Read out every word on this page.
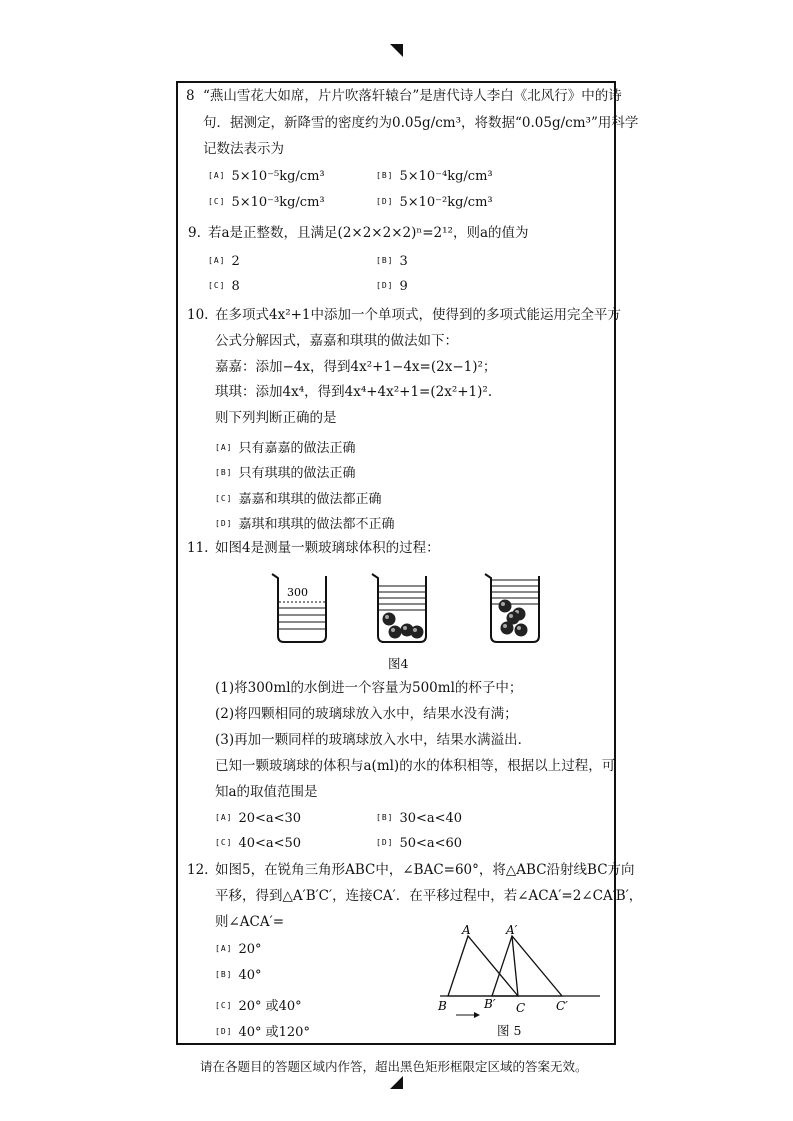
8 “燕山雪花大如席，片片吹落轩辕台”是唐代诗人李白《北风行》中的诗
句．据测定，新降雪的密度约为0.05g/cm³，将数据“0.05g/cm³”用科学
记数法表示为
[A] 5×10⁻⁵kg/cm³	[B] 5×10⁻⁴kg/cm³
[C] 5×10⁻³kg/cm³	[D] 5×10⁻²kg/cm³
9. 若a是正整数，且满足(2×2×2×2)ⁿ=2¹²，则a的值为
[A] 2	[B] 3
[C] 8	[D] 9
10. 在多项式4x²+1中添加一个单项式，使得到的多项式能运用完全平方
公式分解因式，嘉嘉和琪琪的做法如下：
嘉嘉：添加−4x，得到4x²+1−4x=(2x−1)²；
琪琪：添加4x⁴，得到4x⁴+4x²+1=(2x²+1)².
则下列判断正确的是
[A] 只有嘉嘉的做法正确
[B] 只有琪琪的做法正确
[C] 嘉嘉和琪琪的做法都正确
[D] 嘉琪和琪琪的做法都不正确
11. 如图4是测量一颗玻璃球体积的过程：
300
图4
(1)将300ml的水倒进一个容量为500ml的杯子中；
(2)将四颗相同的玻璃球放入水中，结果水没有满；
(3)再加一颗同样的玻璃球放入水中，结果水满溢出．
已知一颗玻璃球的体积与a(ml)的水的体积相等，根据以上过程，可
知a的取值范围是
[A] 20<a<30	[B] 30<a<40
[C] 40<a<50	[D] 50<a<60
12. 如图5，在锐角三角形ABC中，∠BAC=60°，将△ABC沿射线BC方向
平移，得到△A′B′C′，连接CA′．在平移过程中，若∠ACA′=2∠CA′B′，
则∠ACA′=
[A] 20°
[B] 40°
[C] 20° 或40°
[D] 40° 或120°
A	A′
B	B′ C	C′
图 5
请在各题目的答题区域内作答，超出黑色矩形框限定区域的答案无效。
